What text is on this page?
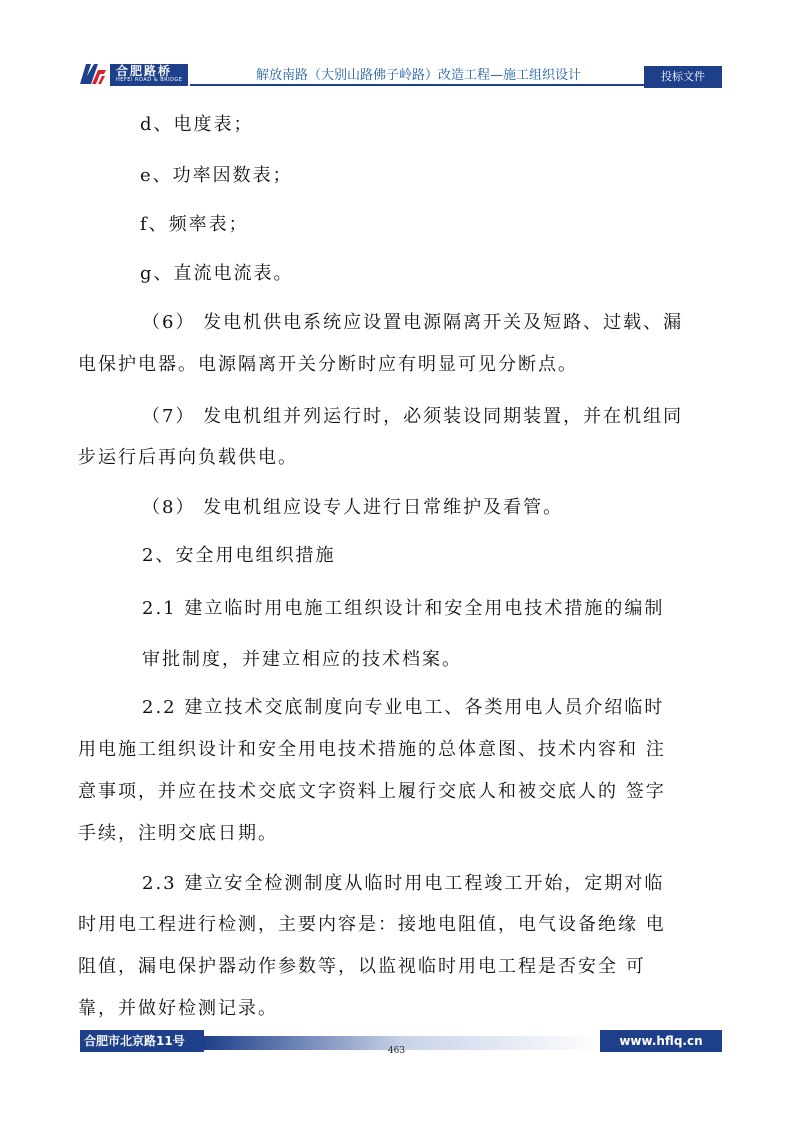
合肥路桥
HEFEI ROAD & BRIDGE	解放南路（大别山路佛子岭路）改造工程—施工组织设计	投标文件
d、电度表；
e、功率因数表；
f、频率表；
g、直流电流表。
（6） 发电机供电系统应设置电源隔离开关及短路、过载、漏
电保护电器。电源隔离开关分断时应有明显可见分断点。
（7） 发电机组并列运行时，必须装设同期装置，并在机组同
步运行后再向负载供电。
（8） 发电机组应设专人进行日常维护及看管。
2、安全用电组织措施
2.1 建立临时用电施工组织设计和安全用电技术措施的编制
审批制度，并建立相应的技术档案。
2.2 建立技术交底制度向专业电工、各类用电人员介绍临时
用电施工组织设计和安全用电技术措施的总体意图、技术内容和 注
意事项，并应在技术交底文字资料上履行交底人和被交底人的 签字
手续，注明交底日期。
2.3 建立安全检测制度从临时用电工程竣工开始，定期对临
时用电工程进行检测，主要内容是：接地电阻值，电气设备绝缘 电
阻值，漏电保护器动作参数等，以监视临时用电工程是否安全 可
靠，并做好检测记录。
合肥市北京路11号	www.hflq.cn
463
